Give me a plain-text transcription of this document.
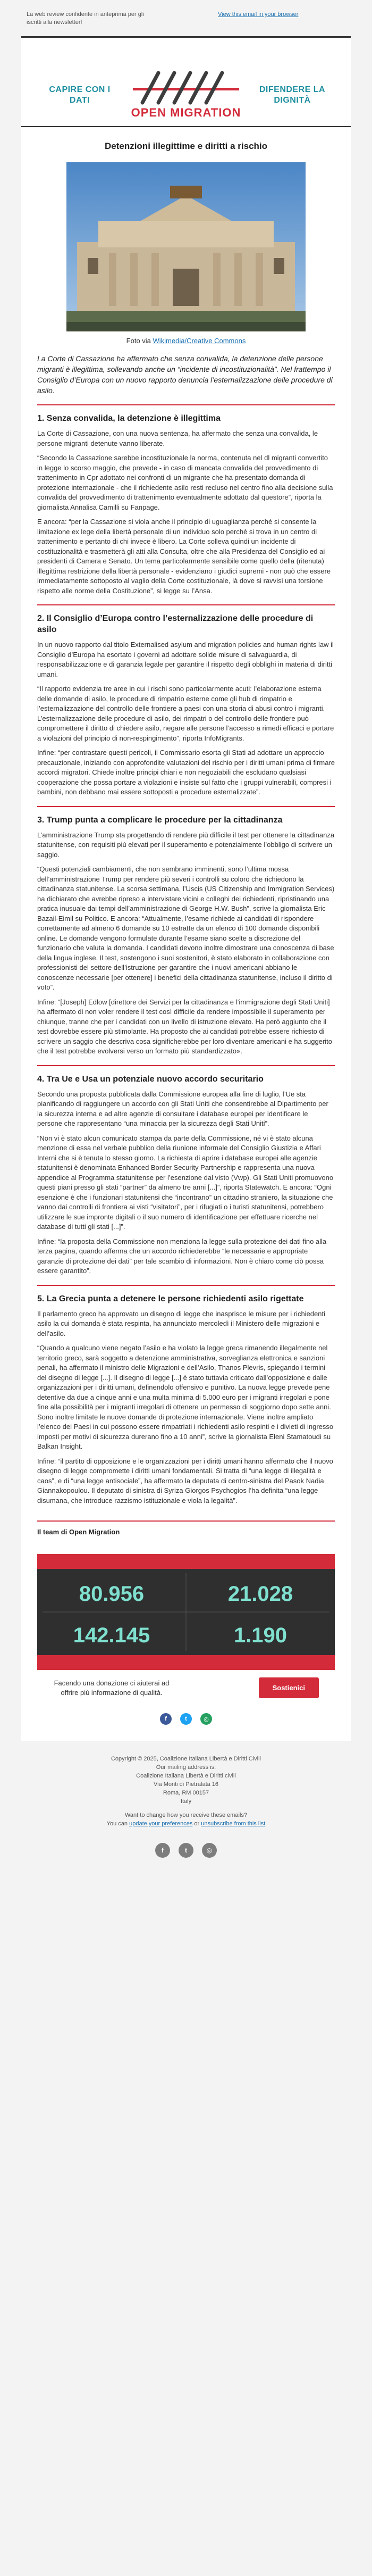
La web review confidente in anteprima per gli iscritti alla newsletter!
View this email in your browser
CAPIRE CON I DATI
OPEN MIGRATION
DIFENDERE LA DIGNITÀ
Detenzioni illegittime e diritti a rischio
Foto via Wikimedia/Creative Commons

La Corte di Cassazione ha affermato che senza convalida, la detenzione delle persone migranti è illegittima, sollevando anche un “incidente di incostituzionalità”. Nel frattempo il Consiglio d’Europa con un nuovo rapporto denuncia l’esternalizzazione delle procedure di asilo.

1. Senza convalida, la detenzione è illegittima

La Corte di Cassazione, con una nuova sentenza, ha affermato che senza una convalida, le persone migranti detenute vanno liberate.

“Secondo la Cassazione sarebbe incostituzionale la norma, contenuta nel dl migranti convertito in legge lo scorso maggio, che prevede - in caso di mancata convalida del provvedimento di trattenimento in Cpr adottato nei confronti di un migrante che ha presentato domanda di protezione internazionale - che il richiedente asilo resti recluso nel centro fino alla decisione sulla convalida del provvedimento di trattenimento eventualmente adottato dal questore”, riporta la giornalista Annalisa Camilli su Fanpage.

E ancora: “per la Cassazione si viola anche il principio di uguaglianza perché si consente la limitazione ex lege della libertà personale di un individuo solo perché si trova in un centro di trattenimento e pertanto di chi invece è libero. La Corte solleva quindi un incidente di costituzionalità e trasmetterà gli atti alla Consulta, oltre che alla Presidenza del Consiglio ed ai presidenti di Camera e Senato. Un tema particolarmente sensibile come quello della (ritenuta) illegittima restrizione della libertà personale - evidenziano i giudici supremi - non può che essere immediatamente sottoposto al vaglio della Corte costituzionale, là dove si ravvisi una torsione rispetto alle norme della Costituzione”, si legge su l’Ansa.

2. Il Consiglio d’Europa contro l’esternalizzazione delle procedure di asilo

In un nuovo rapporto dal titolo Externalised asylum and migration policies and human rights law il Consiglio d’Europa ha esortato i governi ad adottare solide misure di salvaguardia, di responsabilizzazione e di garanzia legale per garantire il rispetto degli obblighi in materia di diritti umani.

“Il rapporto evidenzia tre aree in cui i rischi sono particolarmente acuti: l’elaborazione esterna delle domande di asilo, le procedure di rimpatrio esterne come gli hub di rimpatrio e l’esternalizzazione del controllo delle frontiere a paesi con una storia di abusi contro i migranti. L’esternalizzazione delle procedure di asilo, dei rimpatri o del controllo delle frontiere può compromettere il diritto di chiedere asilo, negare alle persone l’accesso a rimedi efficaci e portare a violazioni del principio di non-respingimento”, riporta InfoMigrants.

Infine: “per contrastare questi pericoli, il Commissario esorta gli Stati ad adottare un approccio precauzionale, iniziando con approfondite valutazioni del rischio per i diritti umani prima di firmare accordi migratori. Chiede inoltre principi chiari e non negoziabili che escludano qualsiasi cooperazione che possa portare a violazioni e insiste sul fatto che i gruppi vulnerabili, compresi i bambini, non debbano mai essere sottoposti a procedure esternalizzate”.

3. Trump punta a complicare le procedure per la cittadinanza

L’amministrazione Trump sta progettando di rendere più difficile il test per ottenere la cittadinanza statunitense, con requisiti più elevati per il superamento e potenzialmente l’obbligo di scrivere un saggio.

“Questi potenziali cambiamenti, che non sembrano imminenti, sono l’ultima mossa dell’amministrazione Trump per rendere più severi i controlli su coloro che richiedono la cittadinanza statunitense. La scorsa settimana, l’Uscis (US Citizenship and Immigration Services) ha dichiarato che avrebbe ripreso a intervistare vicini e colleghi dei richiedenti, ripristinando una pratica inusuale dai tempi dell’amministrazione di George H.W. Bush”, scrive la giornalista Eric Bazail-Eimil su Politico. E ancora: “Attualmente, l’esame richiede ai candidati di rispondere correttamente ad almeno 6 domande su 10 estratte da un elenco di 100 domande disponibili online. Le domande vengono formulate durante l’esame siano scelte a discrezione del funzionario che valuta la domanda. I candidati devono inoltre dimostrare una conoscenza di base della lingua inglese. Il test, sostengono i suoi sostenitori, è stato elaborato in collaborazione con professionisti del settore dell’istruzione per garantire che i nuovi americani abbiano le conoscenze necessarie [per ottenere] i benefici della cittadinanza statunitense, incluso il diritto di voto”.

Infine: “[Joseph] Edlow [direttore dei Servizi per la cittadinanza e l’immigrazione degli Stati Uniti] ha affermato di non voler rendere il test così difficile da rendere impossibile il superamento per chiunque, tranne che per i candidati con un livello di istruzione elevato. Ha però aggiunto che il test dovrebbe essere più stimolante. Ha proposto che ai candidati potrebbe essere richiesto di scrivere un saggio che descriva cosa significherebbe per loro diventare americani e ha suggerito che il test potrebbe evolversi verso un formato più standardizzato».

4. Tra Ue e Usa un potenziale nuovo accordo securitario

Secondo una proposta pubblicata dalla Commissione europea alla fine di luglio, l’Ue sta pianificando di raggiungere un accordo con gli Stati Uniti che consentirebbe al Dipartimento per la sicurezza interna e ad altre agenzie di consultare i database europei per identificare le persone che rappresentano “una minaccia per la sicurezza degli Stati Uniti”.

“Non vi è stato alcun comunicato stampa da parte della Commissione, né vi è stato alcuna menzione di essa nel verbale pubblico della riunione informale del Consiglio Giustizia e Affari Interni che si è tenuta lo stesso giorno. La richiesta di aprire i database europei alle agenzie statunitensi è denominata Enhanced Border Security Partnership e rappresenta una nuova appendice al Programma statunitense per l’esenzione dal visto (Vwp). Gli Stati Uniti promuovono questi piani presso gli stati “partner” da almeno tre anni [...]”, riporta Statewatch. E ancora: “Ogni esenzione è che i funzionari statunitensi che “incontrano” un cittadino straniero, la situazione che vanno dai controlli di frontiera ai visti “visitatori”, per i rifugiati o i turisti statunitensi, potrebbero utilizzare le sue impronte digitali o il suo numero di identificazione per effettuare ricerche nel database di tutti gli stati [...]”.

Infine: “la proposta della Commissione non menziona la legge sulla protezione dei dati fino alla terza pagina, quando afferma che un accordo richiederebbe “le necessarie e appropriate garanzie di protezione dei dati” per tale scambio di informazioni. Non è chiaro come ciò possa essere garantito”.

5. La Grecia punta a detenere le persone richiedenti asilo rigettate

Il parlamento greco ha approvato un disegno di legge che inasprisce le misure per i richiedenti asilo la cui domanda è stata respinta, ha annunciato mercoledì il Ministero delle migrazioni e dell’asilo.

“Quando a qualcuno viene negato l’asilo e ha violato la legge greca rimanendo illegalmente nel territorio greco, sarà soggetto a detenzione amministrativa, sorveglianza elettronica e sanzioni penali, ha affermato il ministro delle Migrazioni e dell’Asilo, Thanos Plevris, spiegando i termini del disegno di legge [...]. Il disegno di legge [...] è stato tuttavia criticato dall’opposizione e dalle organizzazioni per i diritti umani, definendolo offensivo e punitivo. La nuova legge prevede pene detentive da due a cinque anni e una multa minima di 5.000 euro per i migranti irregolari e pone fine alla possibilità per i migranti irregolari di ottenere un permesso di soggiorno dopo sette anni. Sono inoltre limitate le nuove domande di protezione internazionale. Viene inoltre ampliato l’elenco dei Paesi in cui possono essere rimpatriati i richiedenti asilo respinti e i divieti di ingresso imposti per motivi di sicurezza durerano fino a 10 anni”, scrive la giornalista Eleni Stamatoudi su Balkan Insight.

Infine: “il partito di opposizione e le organizzazioni per i diritti umani hanno affermato che il nuovo disegno di legge compromette i diritti umani fondamentali. Si tratta di “una legge di illegalità e caos”, e di “una legge antisociale”, ha affermato la deputata di centro-sinistra del Pasok Nadia Giannakopoulou. Il deputato di sinistra di Syriza Giorgos Psychogios l’ha definita “una legge disumana, che introduce razzismo istituzionale e viola la legalità”.

Il team di Open Migration
80.956	21.028
142.145	1.190
Facendo una donazione ci aiuterai ad offrire più informazione di qualità.
Sostienici
f	t	◎
Copyright © 2025, Coalizione Italiana Libertà e Diritti Civili
Our mailing address is:
Coalizione Italiana Libertà e Diritti civili
Via Monti di Pietralata 16
Roma, RM 00157
Italy
Want to change how you receive these emails?
You can update your preferences or unsubscribe from this list
f	t	◎
